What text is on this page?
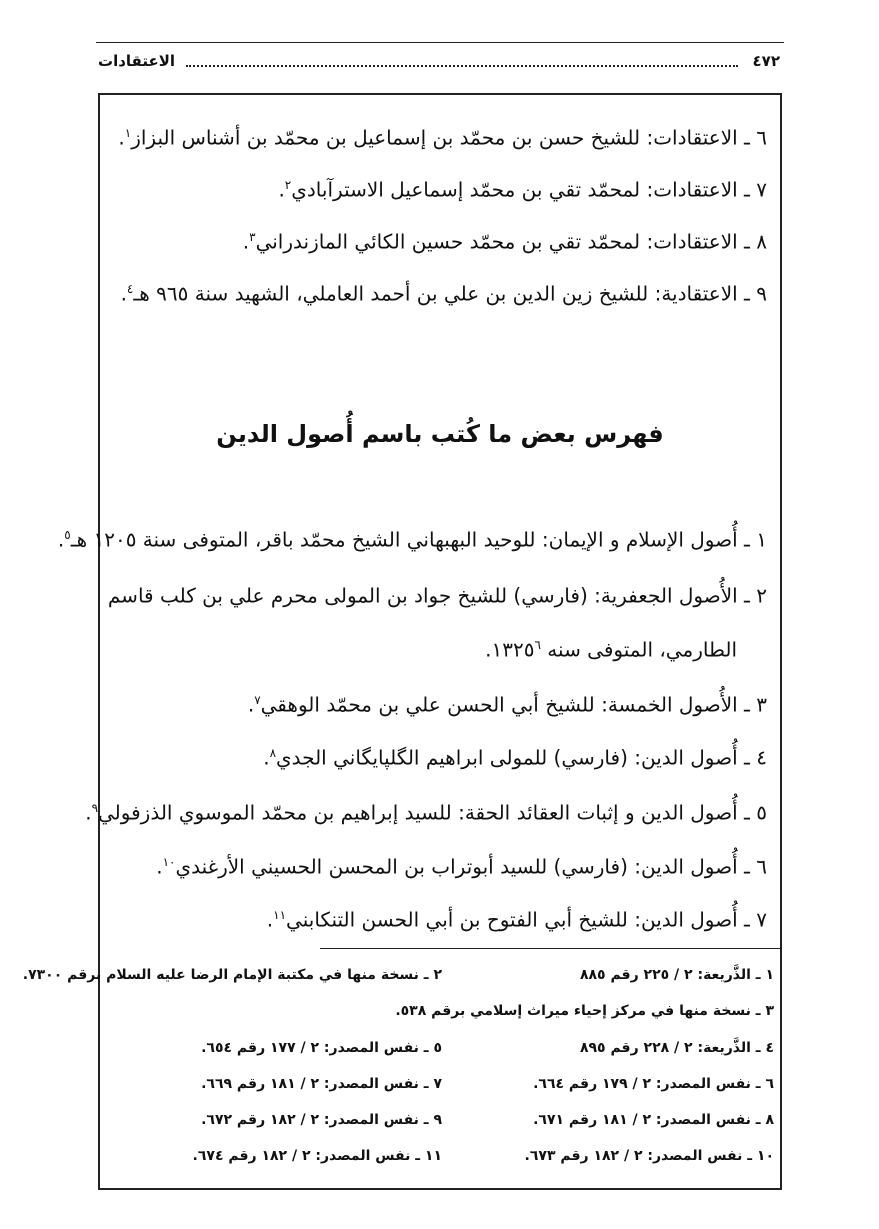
٤٧٢
الاعتقادات
٦ ـ الاعتقادات: للشيخ حسن بن محمّد بن إسماعيل بن محمّد بن أشناس البزاز$^١$.
٧ ـ الاعتقادات: لمحمّد تقي بن محمّد إسماعيل الاسترآبادي$^٢$.
٨ ـ الاعتقادات: لمحمّد تقي بن محمّد حسين الكائي المازندراني$^٣$.
٩ ـ الاعتقادية: للشيخ زين الدين بن علي بن أحمد العاملي، الشهيد سنة ٩٦٥ هـ$^٤$.
فهرس بعض ما كُتب باسم أُصول الدين
١ ـ أُصول الإسلام و الإيمان: للوحيد البهبهاني الشيخ محمّد باقر، المتوفى سنة ١٢٠٥ هـ$^٥$.
٢ ـ الأُصول الجعفرية: (فارسي) للشيخ جواد بن المولى محرم علي بن كلب قاسم
الطارمي، المتوفى سنه ١٣٢٥$^٦$.
٣ ـ الأُصول الخمسة: للشيخ أبي الحسن علي بن محمّد الوهقي$^٧$.
٤ ـ أُصول الدين: (فارسي) للمولى ابراهيم الگلپايگاني الجدي$^٨$.
٥ ـ أُصول الدين و إثبات العقائد الحقة: للسيد إبراهيم بن محمّد الموسوي الذزفولي$^٩$.
٦ ـ أُصول الدين: (فارسي) للسيد أبوتراب بن المحسن الحسيني الأرغندي$^{١٠}$.
٧ ـ أُصول الدين: للشيخ أبي الفتوح بن أبي الحسن التنكابني$^{١١}$.
١ ـ الذَّريعة: ٢ / ٢٢٥ رقم ٨٨٥
٢ ـ نسخة منها في مكتبة الإمام الرضا عليه السلام برقم ٧٣٠٠.
٣ ـ نسخة منها في مركز إحياء ميراث إسلامي برقم ٥٣٨.
٤ ـ الذَّريعة: ٢ / ٢٢٨ رقم ٨٩٥
٥ ـ نفس المصدر: ٢ / ١٧٧ رقم ٦٥٤.
٦ ـ نفس المصدر: ٢ / ١٧٩ رقم ٦٦٤.
٧ ـ نفس المصدر: ٢ / ١٨١ رقم ٦٦٩.
٨ ـ نفس المصدر: ٢ / ١٨١ رقم ٦٧١.
٩ ـ نفس المصدر: ٢ / ١٨٢ رقم ٦٧٢.
١٠ ـ نفس المصدر: ٢ / ١٨٢ رقم ٦٧٣.
١١ ـ نفس المصدر: ٢ / ١٨٢ رقم ٦٧٤.
